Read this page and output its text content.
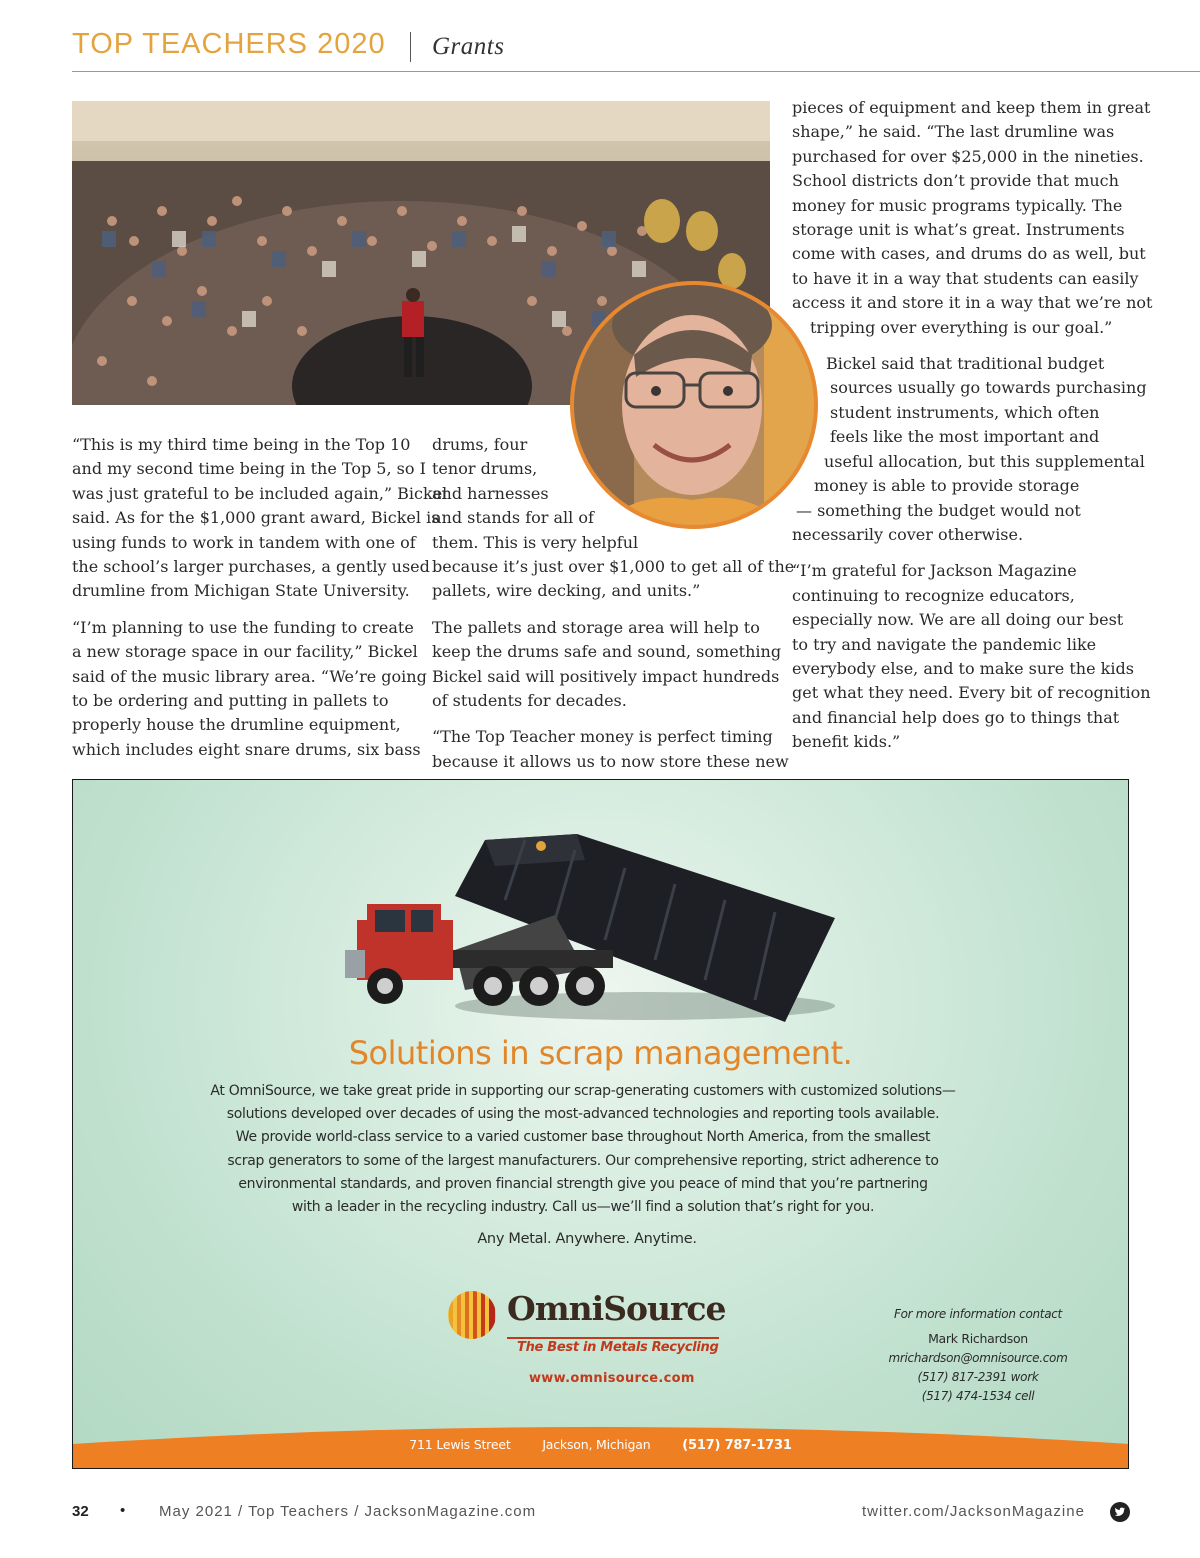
TOP TEACHERS 2020 Grants

“This is my third time being in the Top 10
and my second time being in the Top 5, so I
was just grateful to be included again,” Bickel
said. As for the $1,000 grant award, Bickel is
using funds to work in tandem with one of
the school’s larger purchases, a gently used
drumline from Michigan State University.

“I’m planning to use the funding to create
a new storage space in our facility,” Bickel
said of the music library area. “We’re going
to be ordering and putting in pallets to
properly house the drumline equipment,
which includes eight snare drums, six bass

drums, four
tenor drums,
and harnesses
and stands for all of
them. This is very helpful
because it’s just over $1,000 to get all of the
pallets, wire decking, and units.”

The pallets and storage area will help to
keep the drums safe and sound, something
Bickel said will positively impact hundreds
of students for decades.

“The Top Teacher money is perfect timing
because it allows us to now store these new

pieces of equipment and keep them in great
shape,” he said. “The last drumline was
purchased for over $25,000 in the nineties.
School districts don’t provide that much
money for music programs typically. The
storage unit is what’s great. Instruments
come with cases, and drums do as well, but
to have it in a way that students can easily
access it and store it in a way that we’re not
tripping over everything is our goal.”

Bickel said that traditional budget
sources usually go towards purchasing
student instruments, which often
feels like the most important and
useful allocation, but this supplemental
money is able to provide storage
— something the budget would not
necessarily cover otherwise.

“I’m grateful for Jackson Magazine
continuing to recognize educators,
especially now. We are all doing our best
to try and navigate the pandemic like
everybody else, and to make sure the kids
get what they need. Every bit of recognition
and financial help does go to things that
benefit kids.”

Solutions in scrap management.
At OmniSource, we take great pride in supporting our scrap-generating customers with customized solutions—
solutions developed over decades of using the most-advanced technologies and reporting tools available.
We provide world-class service to a varied customer base throughout North America, from the smallest
scrap generators to some of the largest manufacturers. Our comprehensive reporting, strict adherence to
environmental standards, and proven financial strength give you peace of mind that you’re partnering
with a leader in the recycling industry. Call us—we’ll find a solution that’s right for you.
Any Metal. Anywhere. Anytime.
OmniSource
The Best in Metals Recycling
www.omnisource.com
For more information contact
Mark Richardson
mrichardson@omnisource.com
(517) 817-2391 work
(517) 474-1534 cell
711 Lewis Street	Jackson, Michigan (517) 787-1731
32 • May 2021 / Top Teachers / JacksonMagazine.com	twitter.com/JacksonMagazine
